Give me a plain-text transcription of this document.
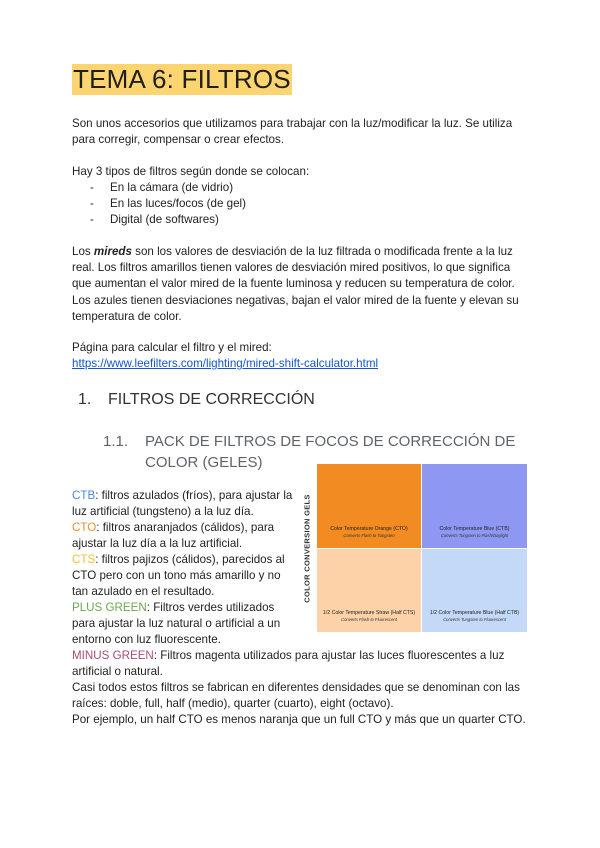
TEMA 6: FILTROS

Son unos accesorios que utilizamos para trabajar con la luz/modificar la luz. Se utiliza para corregir, compensar o crear efectos.

Hay 3 tipos de filtros según donde se colocan:

-	En la cámara (de vidrio)
-	En las luces/focos (de gel)
-	Digital (de softwares)

Los mireds son los valores de desviación de la luz filtrada o modificada frente a la luz real. Los filtros amarillos tienen valores de desviación mired positivos, lo que significa que aumentan el valor mired de la fuente luminosa y reducen su temperatura de color. Los azules tienen desviaciones negativas, bajan el valor mired de la fuente y elevan su temperatura de color.

Página para calcular el filtro y el mired:

https://www.leefilters.com/lighting/mired-shift-calculator.html
1.	FILTROS DE CORRECCIÓN
1.1.	PACK DE FILTROS DE FOCOS DE CORRECCIÓN DE COLOR (GELES)

CTB: filtros azulados (fríos), para ajustar la luz artificial (tungsteno) a la luz día.

CTO: filtros anaranjados (cálidos), para ajustar la luz día a la luz artificial.

CTS: filtros pajizos (cálidos), parecidos al CTO pero con un tono más amarillo y no tan azulado en el resultado.

PLUS GREEN: Filtros verdes utilizados para ajustar la luz natural o artificial a un entorno con luz fluorescente.

MINUS GREEN: Filtros magenta utilizados para ajustar las luces fluorescentes a luz artificial o natural.

Casi todos estos filtros se fabrican en diferentes densidades que se denominan con las raíces: doble, full, half (medio), quarter (cuarto), eight (octavo).

Por ejemplo, un half CTO es menos naranja que un full CTO y más que un quarter CTO.

COLOR CONVERSION GELS	Color Temperature Orange (CTO)
Converts Flash to Tungsten
Color Temperature Blue (CTB)
Converts Tungsten to Flash/Daylight
1/2 Color Temperature Straw (Half CTS)
Converts Flash to Fluorescent
1/2 Color Temperature Blue (Half CTB)
Converts Tungsten to Fluorescent
